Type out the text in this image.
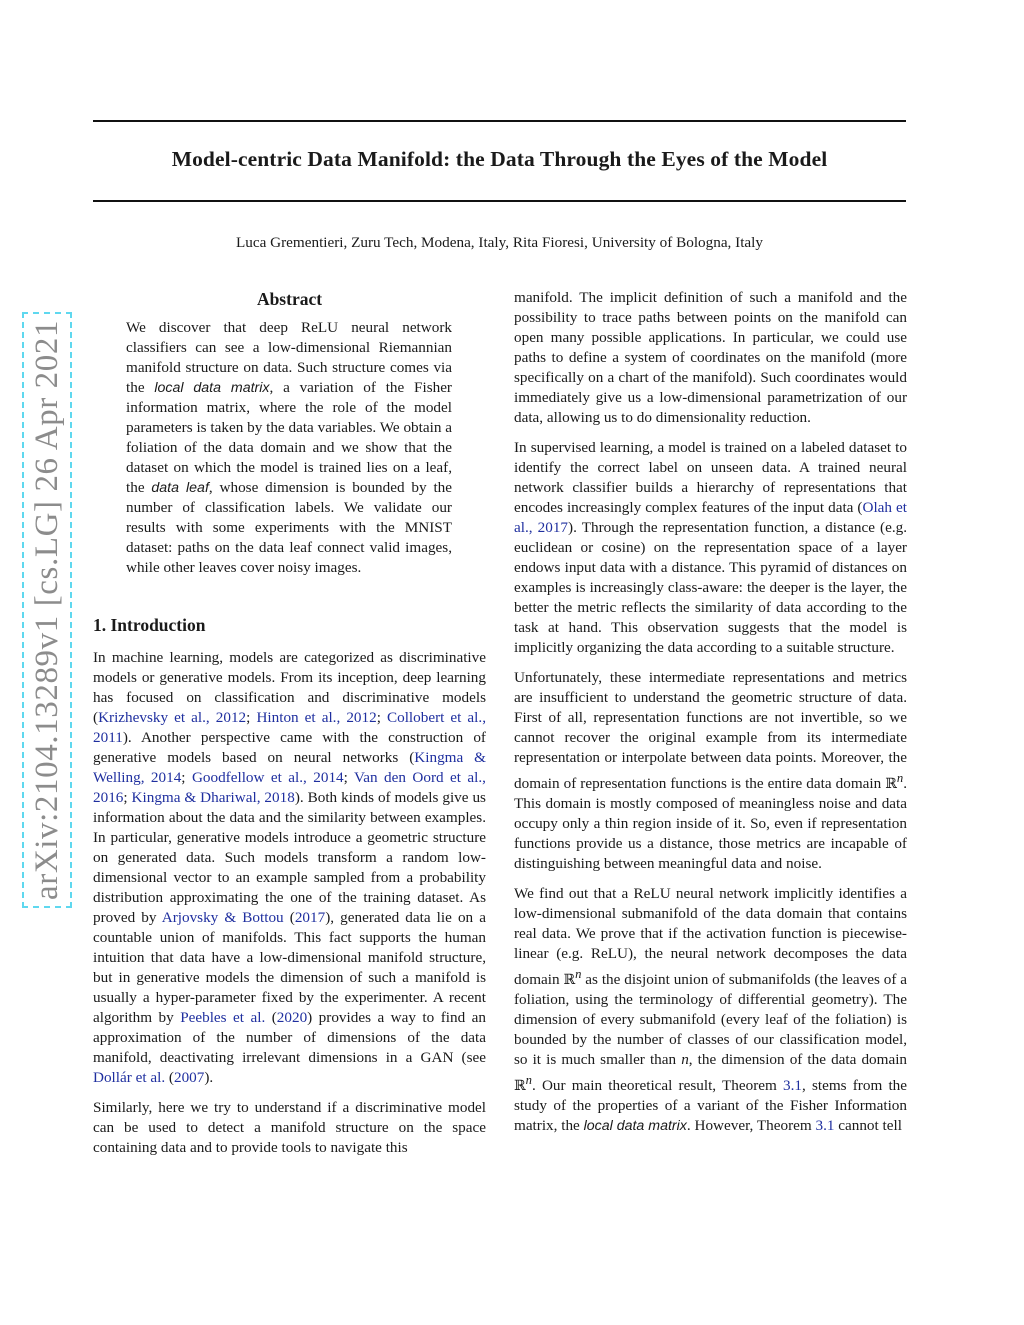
Model-centric Data Manifold: the Data Through the Eyes of the Model
Luca Grementieri, Zuru Tech, Modena, Italy, Rita Fioresi, University of Bologna, Italy
arXiv:2104.13289v1 [cs.LG] 26 Apr 2021
Abstract

We discover that deep ReLU neural network classifiers can see a low-dimensional Riemannian manifold structure on data. Such structure comes via the local data matrix, a variation of the Fisher information matrix, where the role of the model parameters is taken by the data variables. We obtain a foliation of the data domain and we show that the dataset on which the model is trained lies on a leaf, the data leaf, whose dimension is bounded by the number of classification labels. We validate our results with some experiments with the MNIST dataset: paths on the data leaf connect valid images, while other leaves cover noisy images.

1. Introduction

In machine learning, models are categorized as discriminative models or generative models. From its inception, deep learning has focused on classification and discriminative models (Krizhevsky et al., 2012; Hinton et al., 2012; Collobert et al., 2011). Another perspective came with the construction of generative models based on neural networks (Kingma & Welling, 2014; Goodfellow et al., 2014; Van den Oord et al., 2016; Kingma & Dhariwal, 2018). Both kinds of models give us information about the data and the similarity between examples. In particular, generative models introduce a geometric structure on generated data. Such models transform a random low-dimensional vector to an example sampled from a probability distribution approximating the one of the training dataset. As proved by Arjovsky & Bottou (2017), generated data lie on a countable union of manifolds. This fact supports the human intuition that data have a low-dimensional manifold structure, but in generative models the dimension of such a manifold is usually a hyper-parameter fixed by the experimenter. A recent algorithm by Peebles et al. (2020) provides a way to find an approximation of the number of dimensions of the data manifold, deactivating irrelevant dimensions in a GAN (see Dollár et al. (2007).

Similarly, here we try to understand if a discriminative model can be used to detect a manifold structure on the space containing data and to provide tools to navigate this

manifold. The implicit definition of such a manifold and the possibility to trace paths between points on the manifold can open many possible applications. In particular, we could use paths to define a system of coordinates on the manifold (more specifically on a chart of the manifold). Such coordinates would immediately give us a low-dimensional parametrization of our data, allowing us to do dimensionality reduction.

In supervised learning, a model is trained on a labeled dataset to identify the correct label on unseen data. A trained neural network classifier builds a hierarchy of representations that encodes increasingly complex features of the input data (Olah et al., 2017). Through the representation function, a distance (e.g. euclidean or cosine) on the representation space of a layer endows input data with a distance. This pyramid of distances on examples is increasingly class-aware: the deeper is the layer, the better the metric reflects the similarity of data according to the task at hand. This observation suggests that the model is implicitly organizing the data according to a suitable structure.

Unfortunately, these intermediate representations and metrics are insufficient to understand the geometric structure of data. First of all, representation functions are not invertible, so we cannot recover the original example from its intermediate representation or interpolate between data points. Moreover, the domain of representation functions is the entire data domain ℝ$^n$. This domain is mostly composed of meaningless noise and data occupy only a thin region inside of it. So, even if representation functions provide us a distance, those metrics are incapable of distinguishing between meaningful data and noise.

We find out that a ReLU neural network implicitly identifies a low-dimensional submanifold of the data domain that contains real data. We prove that if the activation function is piecewise-linear (e.g. ReLU), the neural network decomposes the data domain ℝ$^n$ as the disjoint union of submanifolds (the leaves of a foliation, using the terminology of differential geometry). The dimension of every submanifold (every leaf of the foliation) is bounded by the number of classes of our classification model, so it is much smaller than n, the dimension of the data domain ℝ$^n$. Our main theoretical result, Theorem 3.1, stems from the study of the properties of a variant of the Fisher Information matrix, the local data matrix. However, Theorem 3.1 cannot tell
